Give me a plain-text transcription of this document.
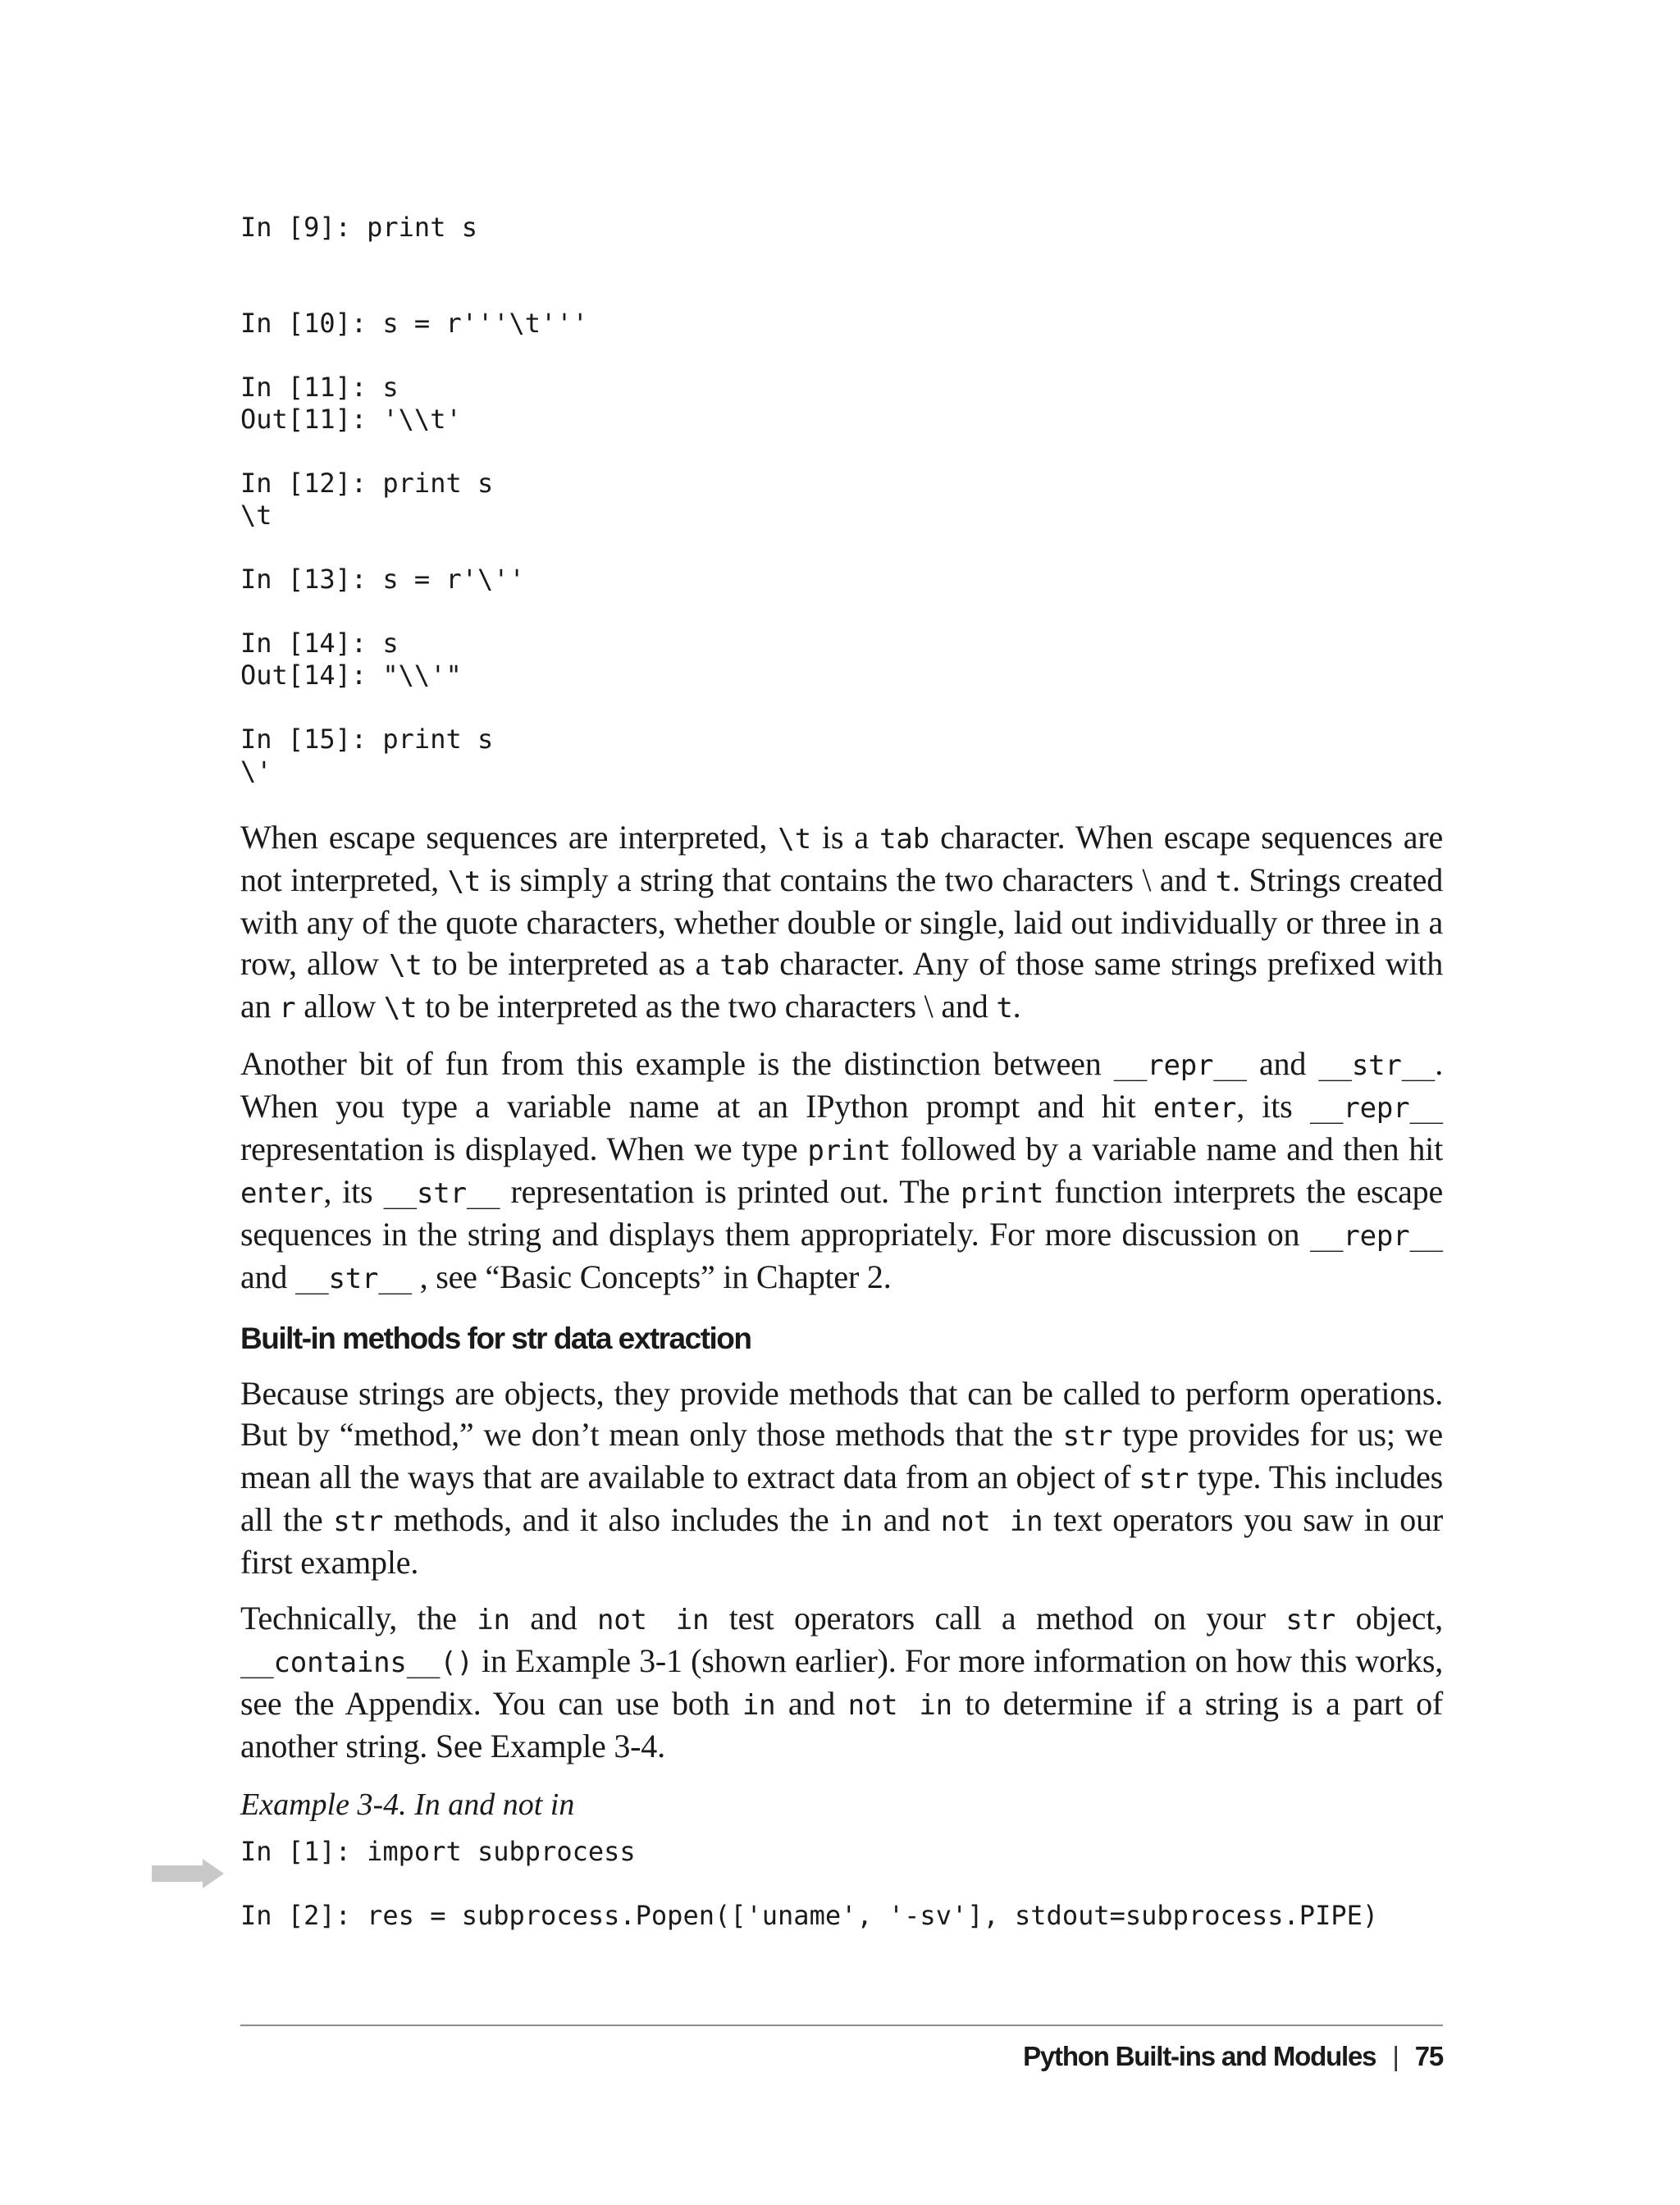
In [9]: print s
In [10]: s = r'''\t'''
In [11]: s
Out[11]: '\\t'
In [12]: print s
\t
In [13]: s = r'\''
In [14]: s
Out[14]: "\\'"
In [15]: print s
\'

When escape sequences are interpreted, \t is a tab character. When escape sequences are not interpreted, \t is simply a string that contains the two characters \ and t. Strings created with any of the quote characters, whether double or single, laid out individually or three in a row, allow \t to be interpreted as a tab character. Any of those same strings prefixed with an r allow \t to be interpreted as the two characters \ and t.

Another bit of fun from this example is the distinction between __repr__ and __str__. When you type a variable name at an IPython prompt and hit enter, its __repr__ representation is displayed. When we type print followed by a variable name and then hit enter, its __str__ representation is printed out. The print function interprets the escape sequences in the string and displays them appropriately. For more discussion on __repr__ and __str__ , see “Basic Concepts” in Chapter 2.

Built-in methods for str data extraction

Because strings are objects, they provide methods that can be called to perform operations. But by “method,” we don’t mean only those methods that the str type provides for us; we mean all the ways that are available to extract data from an object of str type. This includes all the str methods, and it also includes the in and not in text operators you saw in our first example.

Technically, the in and not in test operators call a method on your str object, __contains__() in Example 3-1 (shown earlier). For more information on how this works, see the Appendix. You can use both in and not in to determine if a string is a part of another string. See Example 3-4.

Example 3-4. In and not in
In [1]: import subprocess
In [2]: res = subprocess.Popen(['uname', '-sv'], stdout=subprocess.PIPE)
Python Built-ins and Modules | 75
